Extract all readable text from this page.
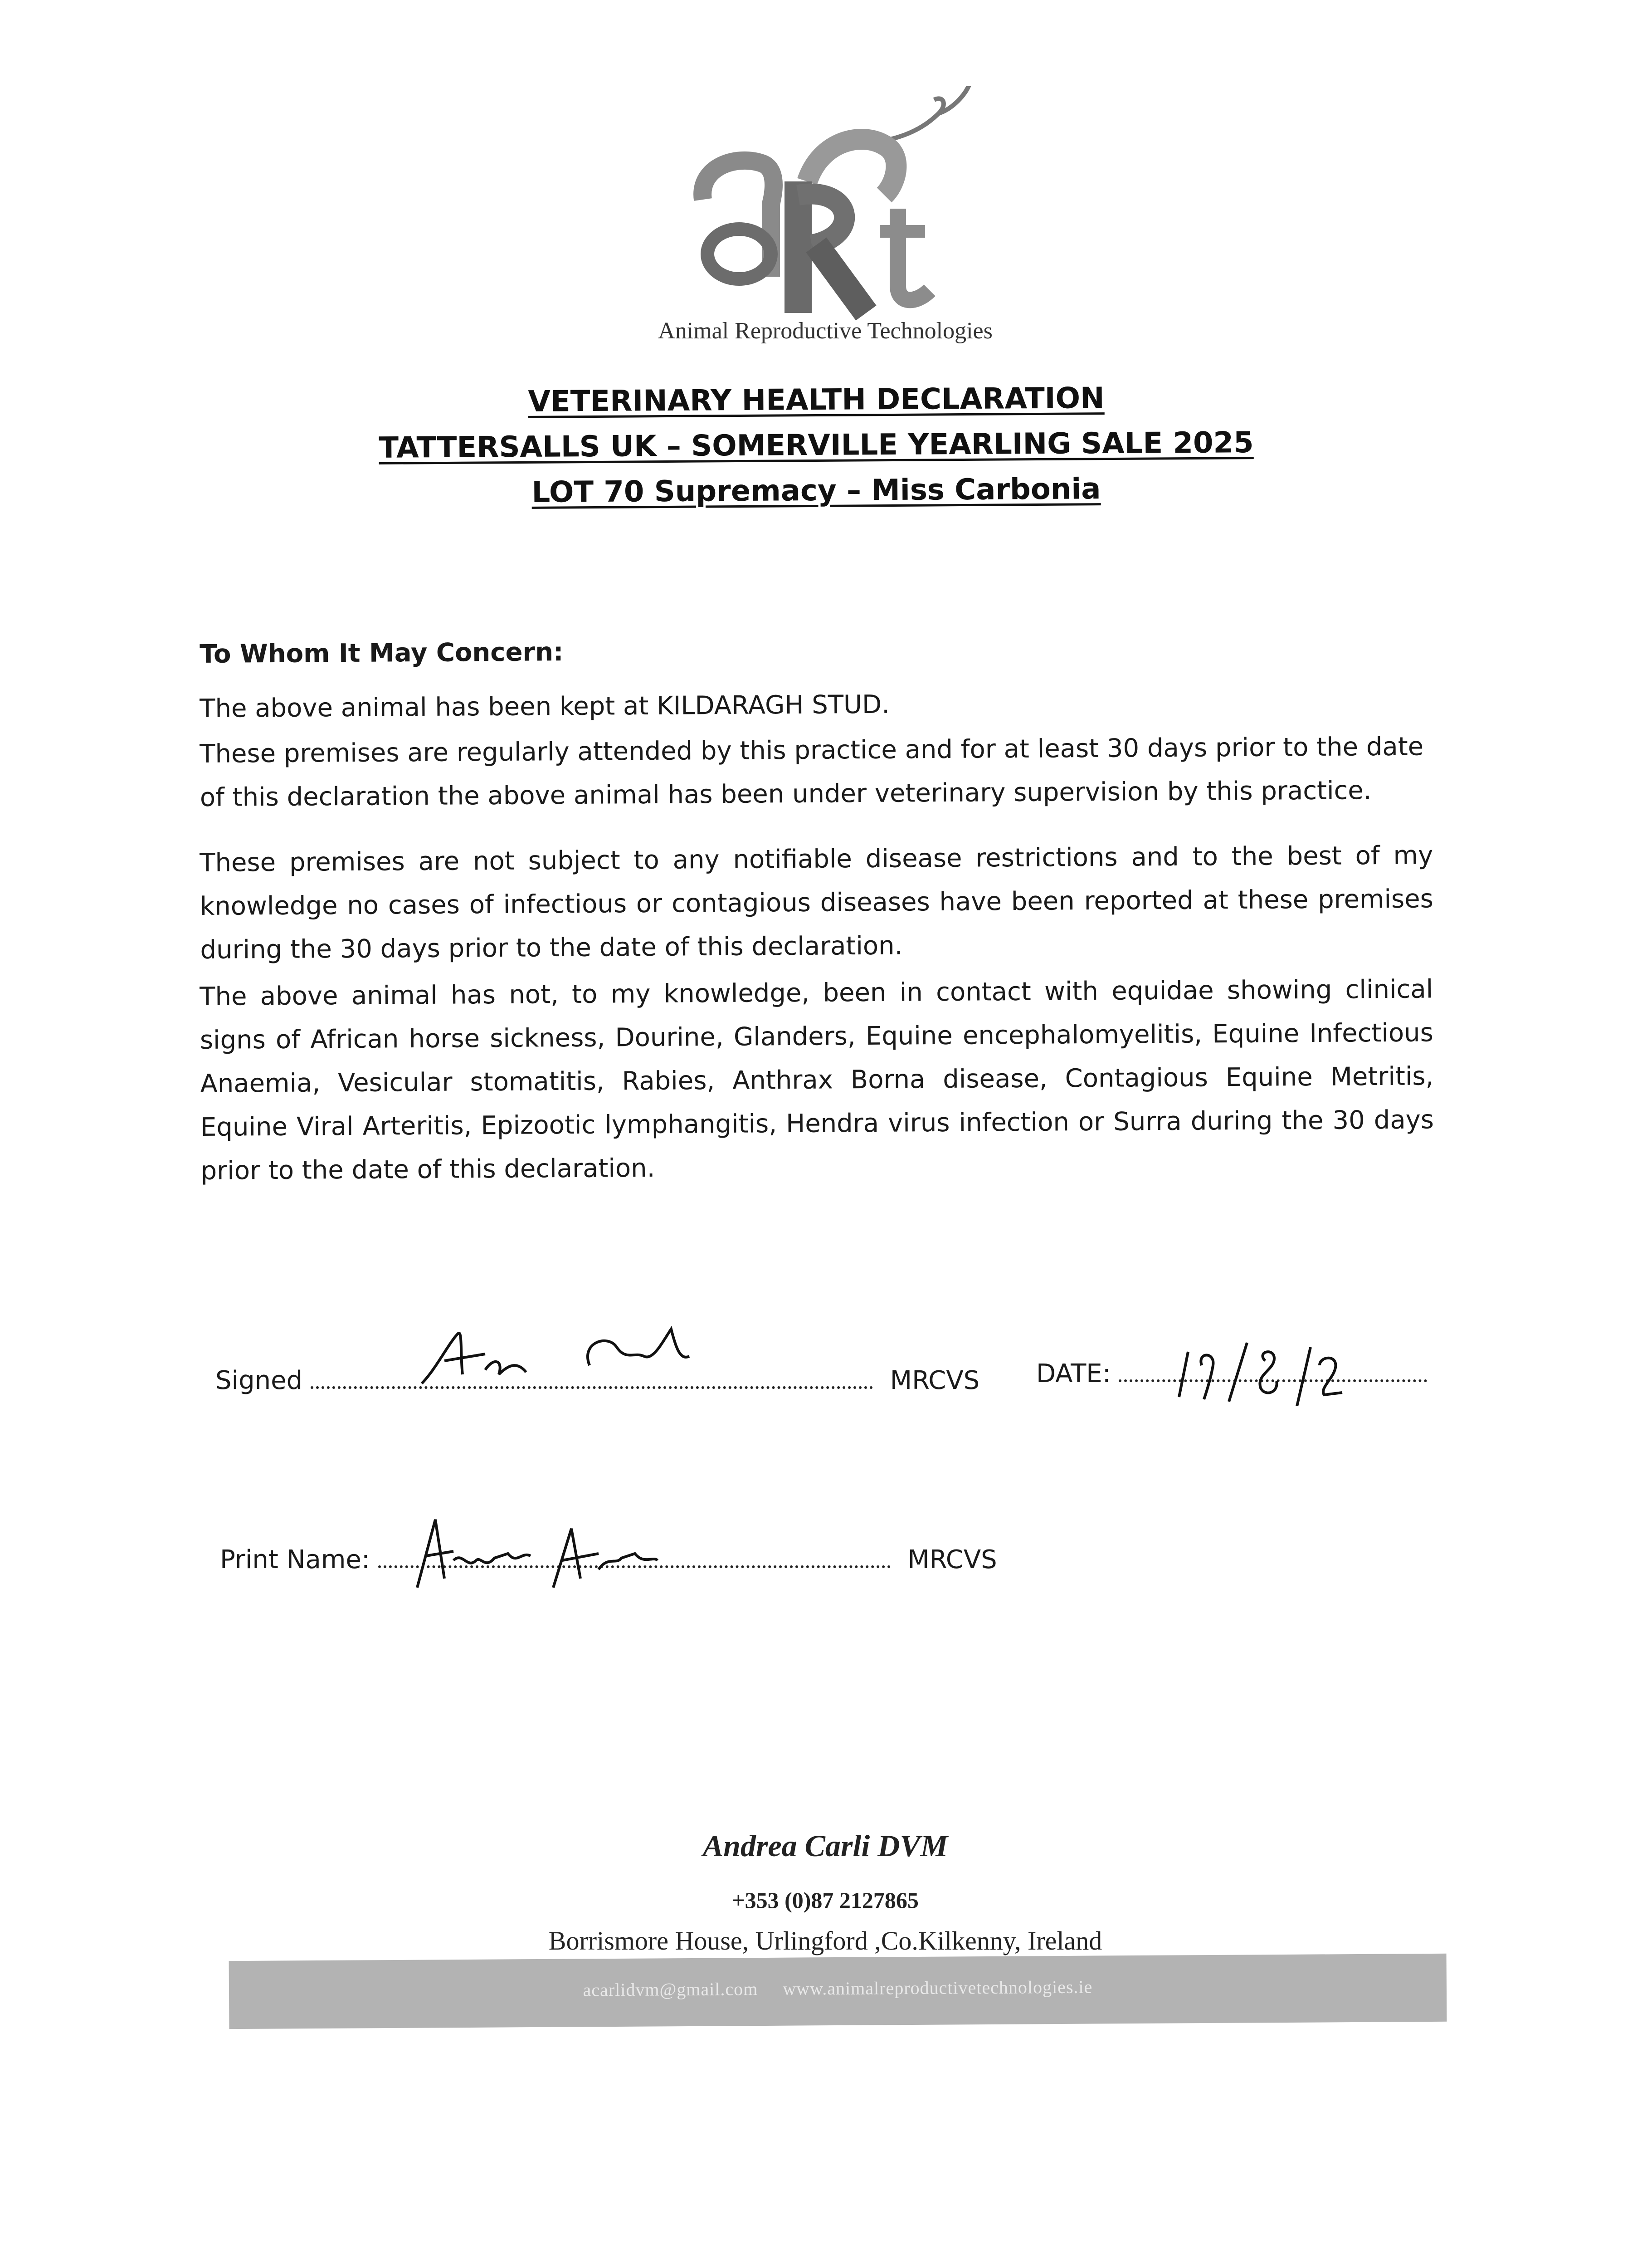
Animal Reproductive Technologies
VETERINARY HEALTH DECLARATION
TATTERSALLS UK – SOMERVILLE YEARLING SALE 2025
LOT 70 Supremacy – Miss Carbonia
To Whom It May Concern:
The above animal has been kept at KILDARAGH STUD.
These premises are regularly attended by this practice and for at least 30 days prior to the date of this declaration the above animal has been under veterinary supervision by this practice.
These premises are not subject to any notifiable disease restrictions and to the best of my knowledge no cases of infectious or contagious diseases have been reported at these premises during the 30 days prior to the date of this declaration.
The above animal has not, to my knowledge, been in contact with equidae showing clinical signs of African horse sickness, Dourine, Glanders, Equine encephalomyelitis, Equine Infectious Anaemia, Vesicular stomatitis, Rabies, Anthrax Borna disease, Contagious Equine Metritis, Equine Viral Arteritis, Epizootic lymphangitis, Hendra virus infection or Surra during the 30 days prior to the date of this declaration.
Signed	MRCVS DATE:
Print Name:	MRCVS
Andrea Carli DVM
+353 (0)87 2127865
Borrismore House, Urlingford ,Co.Kilkenny, Ireland
acarlidvm@gmail.com www.animalreproductivetechnologies.ie
